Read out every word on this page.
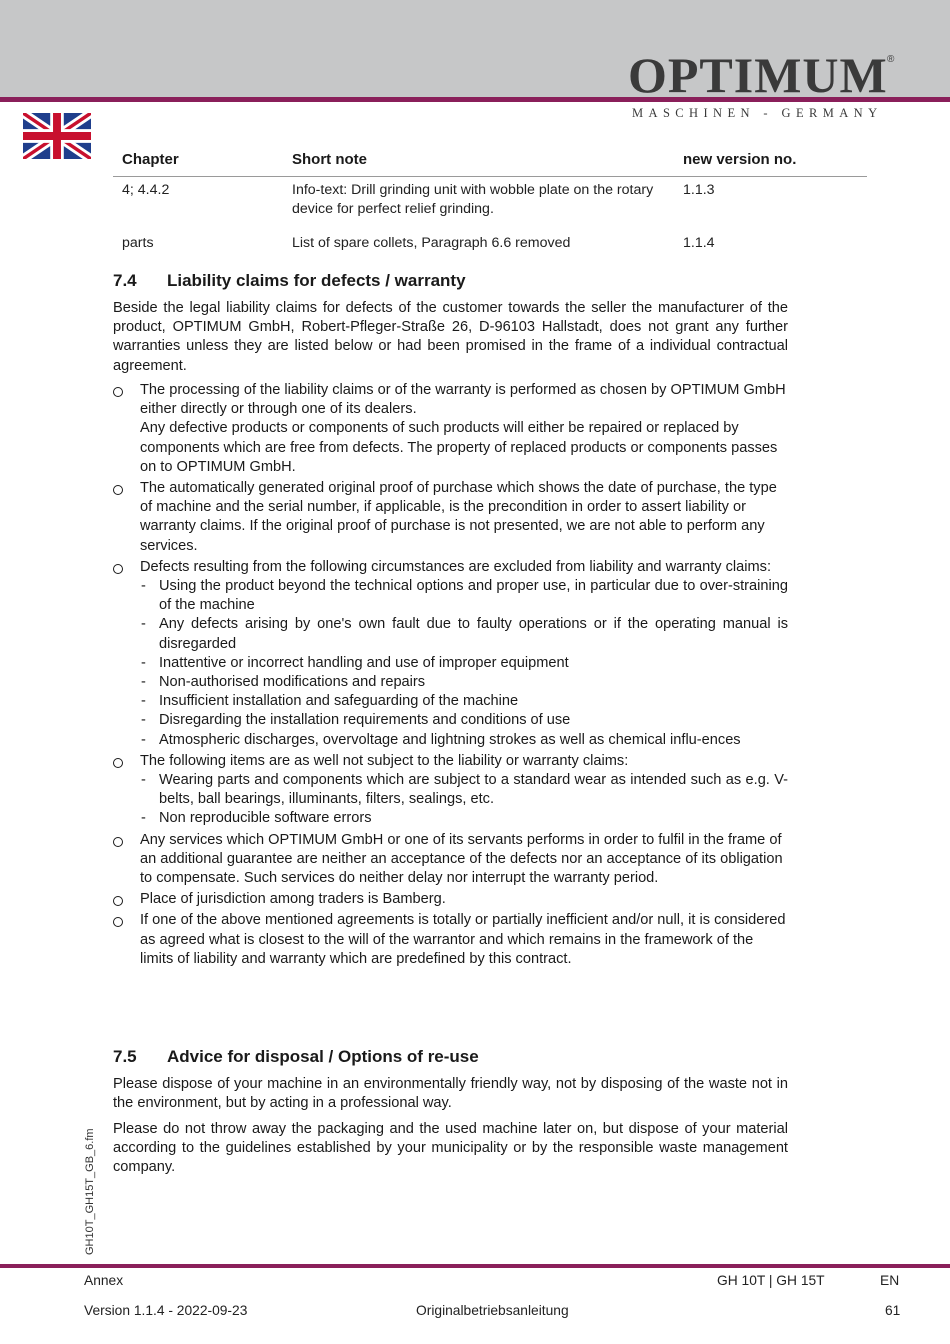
OPTIMUM ®
MASCHINEN - GERMANY
Chapter	Short note	new version no.
4; 4.4.2	Info-text: Drill grinding unit with wobble plate on the rotary device for perfect relief grinding.	1.1.3
parts	List of spare collets, Paragraph 6.6 removed	1.1.4
7.4 Liability claims for defects / warranty

Beside the legal liability claims for defects of the customer towards the seller the manufacturer of the product, OPTIMUM GmbH, Robert-Pfleger-Straße 26, D-96103 Hallstadt, does not grant any further warranties unless they are listed below or had been promised in the frame of a individual contractual agreement.

The processing of the liability claims or of the warranty is performed as chosen by OPTIMUM GmbH either directly or through one of its dealers.
Any defective products or components of such products will either be repaired or replaced by components which are free from defects. The property of replaced products or components passes on to OPTIMUM GmbH.
The automatically generated original proof of purchase which shows the date of purchase, the type of machine and the serial number, if applicable, is the precondition in order to assert liability or warranty claims. If the original proof of purchase is not presented, we are not able to perform any services.
Defects resulting from the following circumstances are excluded from liability and warranty claims:
- Using the product beyond the technical options and proper use, in particular due to over-straining of the machine
- Any defects arising by one's own fault due to faulty operations or if the operating manual is disregarded
- Inattentive or incorrect handling and use of improper equipment
- Non-authorised modifications and repairs
- Insufficient installation and safeguarding of the machine
- Disregarding the installation requirements and conditions of use
- Atmospheric discharges, overvoltage and lightning strokes as well as chemical influ-ences
The following items are as well not subject to the liability or warranty claims:
- Wearing parts and components which are subject to a standard wear as intended such as e.g. V-belts, ball bearings, illuminants, filters, sealings, etc.
- Non reproducible software errors
Any services which OPTIMUM GmbH or one of its servants performs in order to fulfil in the frame of an additional guarantee are neither an acceptance of the defects nor an acceptance of its obligation to compensate. Such services do neither delay nor interrupt the warranty period.
Place of jurisdiction among traders is Bamberg.
If one of the above mentioned agreements is totally or partially inefficient and/or null, it is considered as agreed what is closest to the will of the warrantor and which remains in the framework of the limits of liability and warranty which are predefined by this contract.
7.5 Advice for disposal / Options of re-use

Please dispose of your machine in an environmentally friendly way, not by disposing of the waste not in the environment, but by acting in a professional way.

Please do not throw away the packaging and the used machine later on, but dispose of your material according to the guidelines established by your municipality or by the responsible waste management company.

GH10T_GH15T_GB_6.fm
Annex	GH 10T | GH 15T	EN
Version 1.1.4 - 2022-09-23	Originalbetriebsanleitung	61
